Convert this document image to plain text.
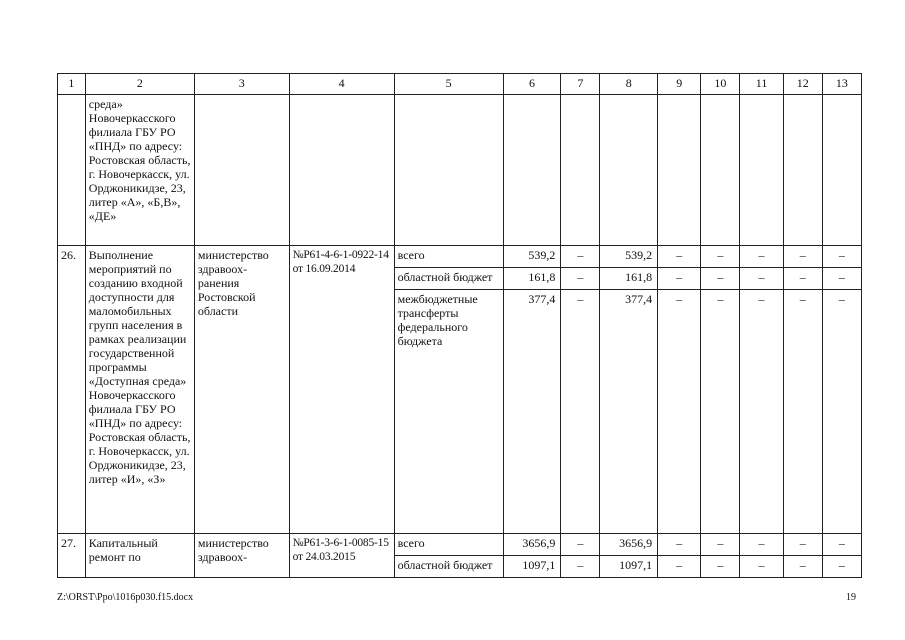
1	2	3	4	5	6	7	8	9	10	11	12	13
	среда» Новочеркасского филиала ГБУ РО «ПНД» по адресу: Ростовская область, г. Новочеркасск, ул. Орджоникидзе, 23, литер «А», «Б,В», «ДЕ»											
26.	Выполнение мероприятий по созданию входной доступности для маломобильных групп населения в рамках реализации государственной программы «Доступная среда» Новочеркасского филиала ГБУ РО «ПНД» по адресу: Ростовская область, г. Новочеркасск, ул. Орджоникидзе, 23, литер «И», «З»	министерство здравоох-ранения Ростовской области	№Р61-4-6-1-0922-14 от 16.09.2014	всего	539,2	–	539,2	–	–	–	–	–
				областной бюджет	161,8	–	161,8	–	–	–	–	–
				межбюджетные трансферты федерального бюджета	377,4	–	377,4	–	–	–	–	–
27.	Капитальный ремонт по	министерство здравоох-	№Р61-3-6-1-0085-15 от 24.03.2015	всего	3656,9	–	3656,9	–	–	–	–	–
				областной бюджет	1097,1	–	1097,1	–	–	–	–	–
Z:\ORST\Ppo\1016p030.f15.docx	19
